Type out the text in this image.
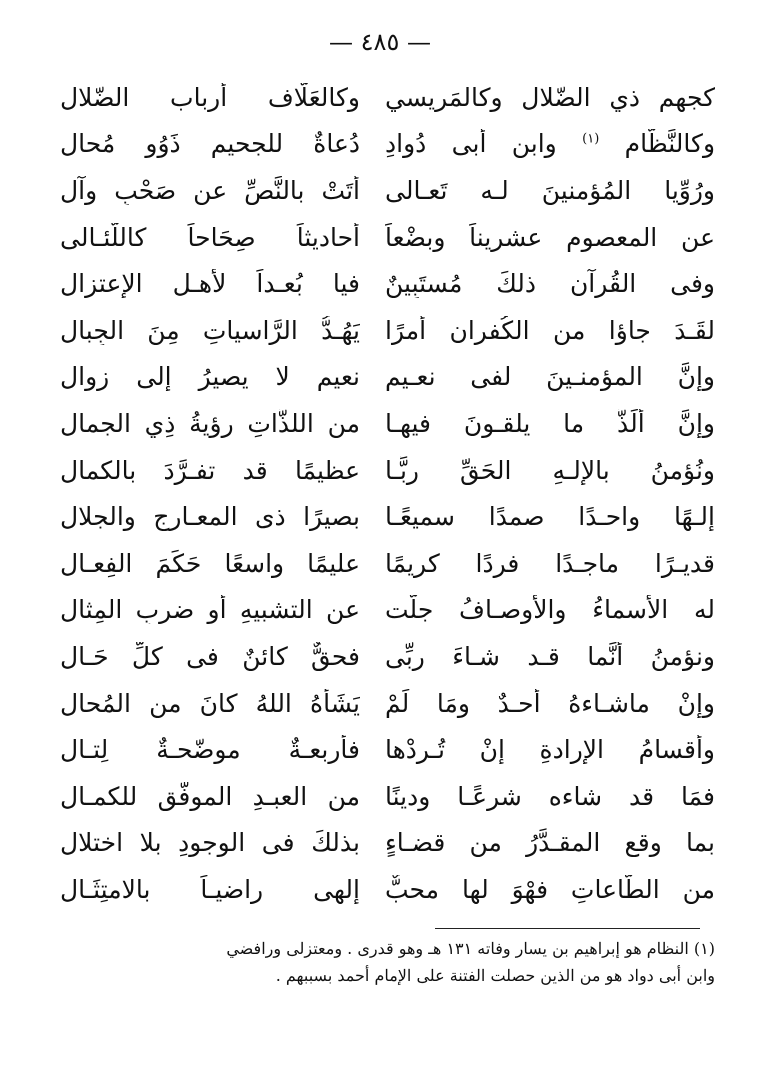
— ٤٨٥ —
كجهم ذي الضّلال وكالمَريسي
وكالعَلَّاف أرباب الضّلال
وكالنَّظَّام $^{(١)}$ وابنِ أبى دُوادِ
دُعاةٌ للجحيم ذَوُو مُحالِ
ورُوِّيا المُؤمنينَ لـه تَعـالى
أتَتْ بالنَّصِّ عن صَحْبٍ وآلِ
عن المعصومِ عشريناً وبضْعاً
أحاديثاً صِحَاحاً كاللَّئـالى
وفى القُرآنِ ذلكَ مُستَبِينٌ
فيا بُعـداً لأَهـلِ الإعتزالِ
لقَـدَ جاؤا من الكُفرانِ أمرًا
يَهُـدُّ الرَّاسياتِ مِنَ الجِبالِ
وإنَّ المؤمنـينَ لفى نعـيمٍ
نعيمٍ لا يصيرُ إلى زوالِ
وإنَّ ألَذَّ ما يلقـونَ فيهـا
من اللذَّاتِ رؤيةُ ذِي الجمالِ
ونُؤمنُ بالإلـهِ الحَقِّ ربًّـا
عظيمًا قد تفـرَّدَ بالكمالِ
إلـهًا واحـدًا صمدًا سميعًـا
بصيرًا ذى المعـارج والجلالِ
قديـرًا ماجـدًا فردًا كريمًا
عليمًا واسعًا حَكَمَ الفِعـالِ
له الأسماءُ والأوصـافُ جلَّت
عن التشبيهِ أو ضربِ المِثالِ
ونؤمنُ أنَّما قـد شـاءَ ربِّى
فحقٌّ كائنٌ فى كلِّ حَـالِ
وإنْ ماشـاءهُ أحـدٌ ومَا لَمْ
يَشَأْهُ اللهُ كانَ من المُحالِ
وأقسامُ الإرادةِ إنْ تُـرِدْها
فأربعـةٌ موضّحـةٌ لِتـالِ
فمَا قد شاءه شرعًـا ودينًا
من العبـدِ الموفّق للكمـالِ
بما وقع المقـدَّرُ من قضـاءٍ
بذلكَ فى الوجودِ بلا اختلالِ
من الطَّاعاتِ فهْوَ لها محبٌّ
إلهى راضيـاً بالامتِثَـالِ
(١) النظام هو إبراهيم بن يسار وفاته ١٣١ هـ وهو قدرى . ومعتزلى ورافضي
وابن أبى دواد هو من الذين حصلت الفتنة على الإمام أحمد بسببهم .
